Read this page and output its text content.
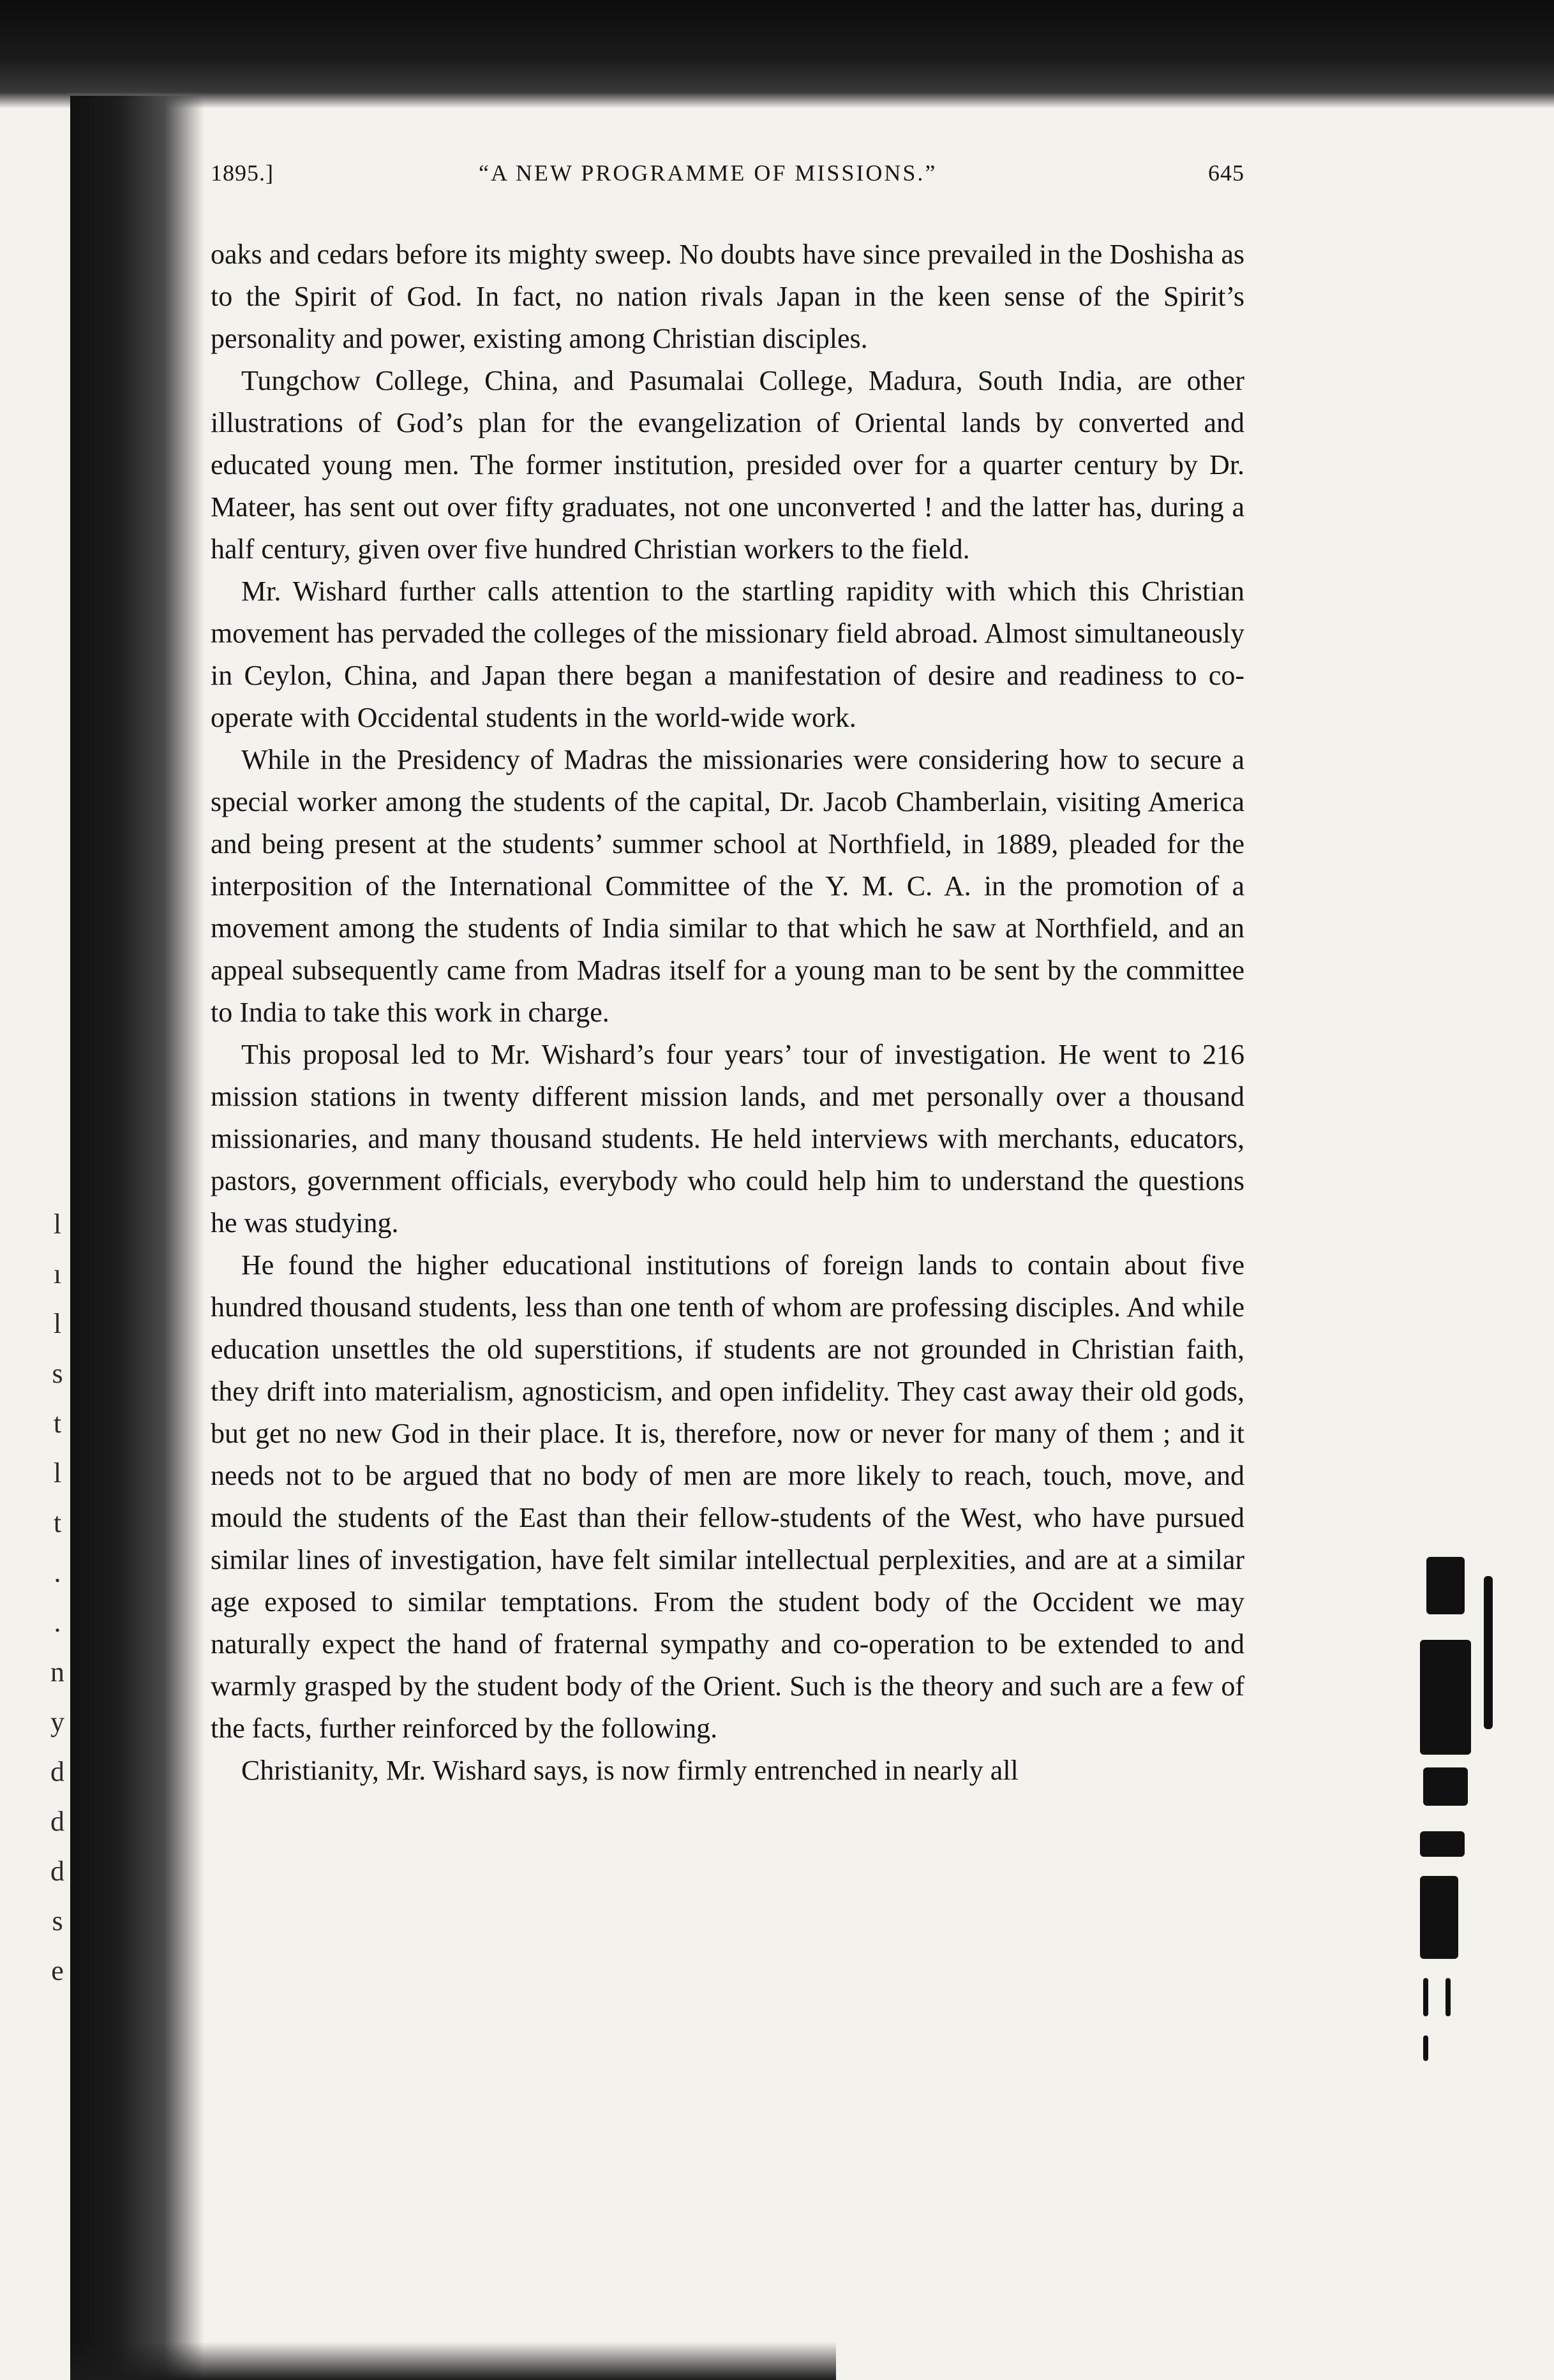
l
ı
l
s
t
l
t
.
.
n
y
d
d
d
s
e
1895.]	“A NEW PROGRAMME OF MISSIONS.”	645

oaks and cedars before its mighty sweep. No doubts have since prevailed in the Doshisha as to the Spirit of God. In fact, no nation rivals Japan in the keen sense of the Spirit’s personality and power, existing among Christian disciples.

Tungchow College, China, and Pasumalai College, Madura, South India, are other illustrations of God’s plan for the evangelization of Oriental lands by converted and educated young men. The former institution, presided over for a quarter century by Dr. Mateer, has sent out over fifty graduates, not one unconverted ! and the latter has, during a half century, given over five hundred Christian workers to the field.

Mr. Wishard further calls attention to the startling rapidity with which this Christian movement has pervaded the colleges of the missionary field abroad. Almost simultaneously in Ceylon, China, and Japan there began a manifestation of desire and readiness to co-operate with Occidental students in the world-wide work.

While in the Presidency of Madras the missionaries were considering how to secure a special worker among the students of the capital, Dr. Jacob Chamberlain, visiting America and being present at the students’ summer school at Northfield, in 1889, pleaded for the interposition of the International Committee of the Y. M. C. A. in the promotion of a movement among the students of India similar to that which he saw at Northfield, and an appeal subsequently came from Madras itself for a young man to be sent by the committee to India to take this work in charge.

This proposal led to Mr. Wishard’s four years’ tour of investigation. He went to 216 mission stations in twenty different mission lands, and met personally over a thousand missionaries, and many thousand students. He held interviews with merchants, educators, pastors, government officials, everybody who could help him to understand the questions he was studying.

He found the higher educational institutions of foreign lands to contain about five hundred thousand students, less than one tenth of whom are professing disciples. And while education unsettles the old superstitions, if students are not grounded in Christian faith, they drift into materialism, agnosticism, and open infidelity. They cast away their old gods, but get no new God in their place. It is, therefore, now or never for many of them ; and it needs not to be argued that no body of men are more likely to reach, touch, move, and mould the students of the East than their fellow-students of the West, who have pursued similar lines of investigation, have felt similar intellectual perplexities, and are at a similar age exposed to similar temptations. From the student body of the Occident we may naturally expect the hand of fraternal sympathy and co-operation to be extended to and warmly grasped by the student body of the Orient. Such is the theory and such are a few of the facts, further reinforced by the following.

Christianity, Mr. Wishard says, is now firmly entrenched in nearly all
